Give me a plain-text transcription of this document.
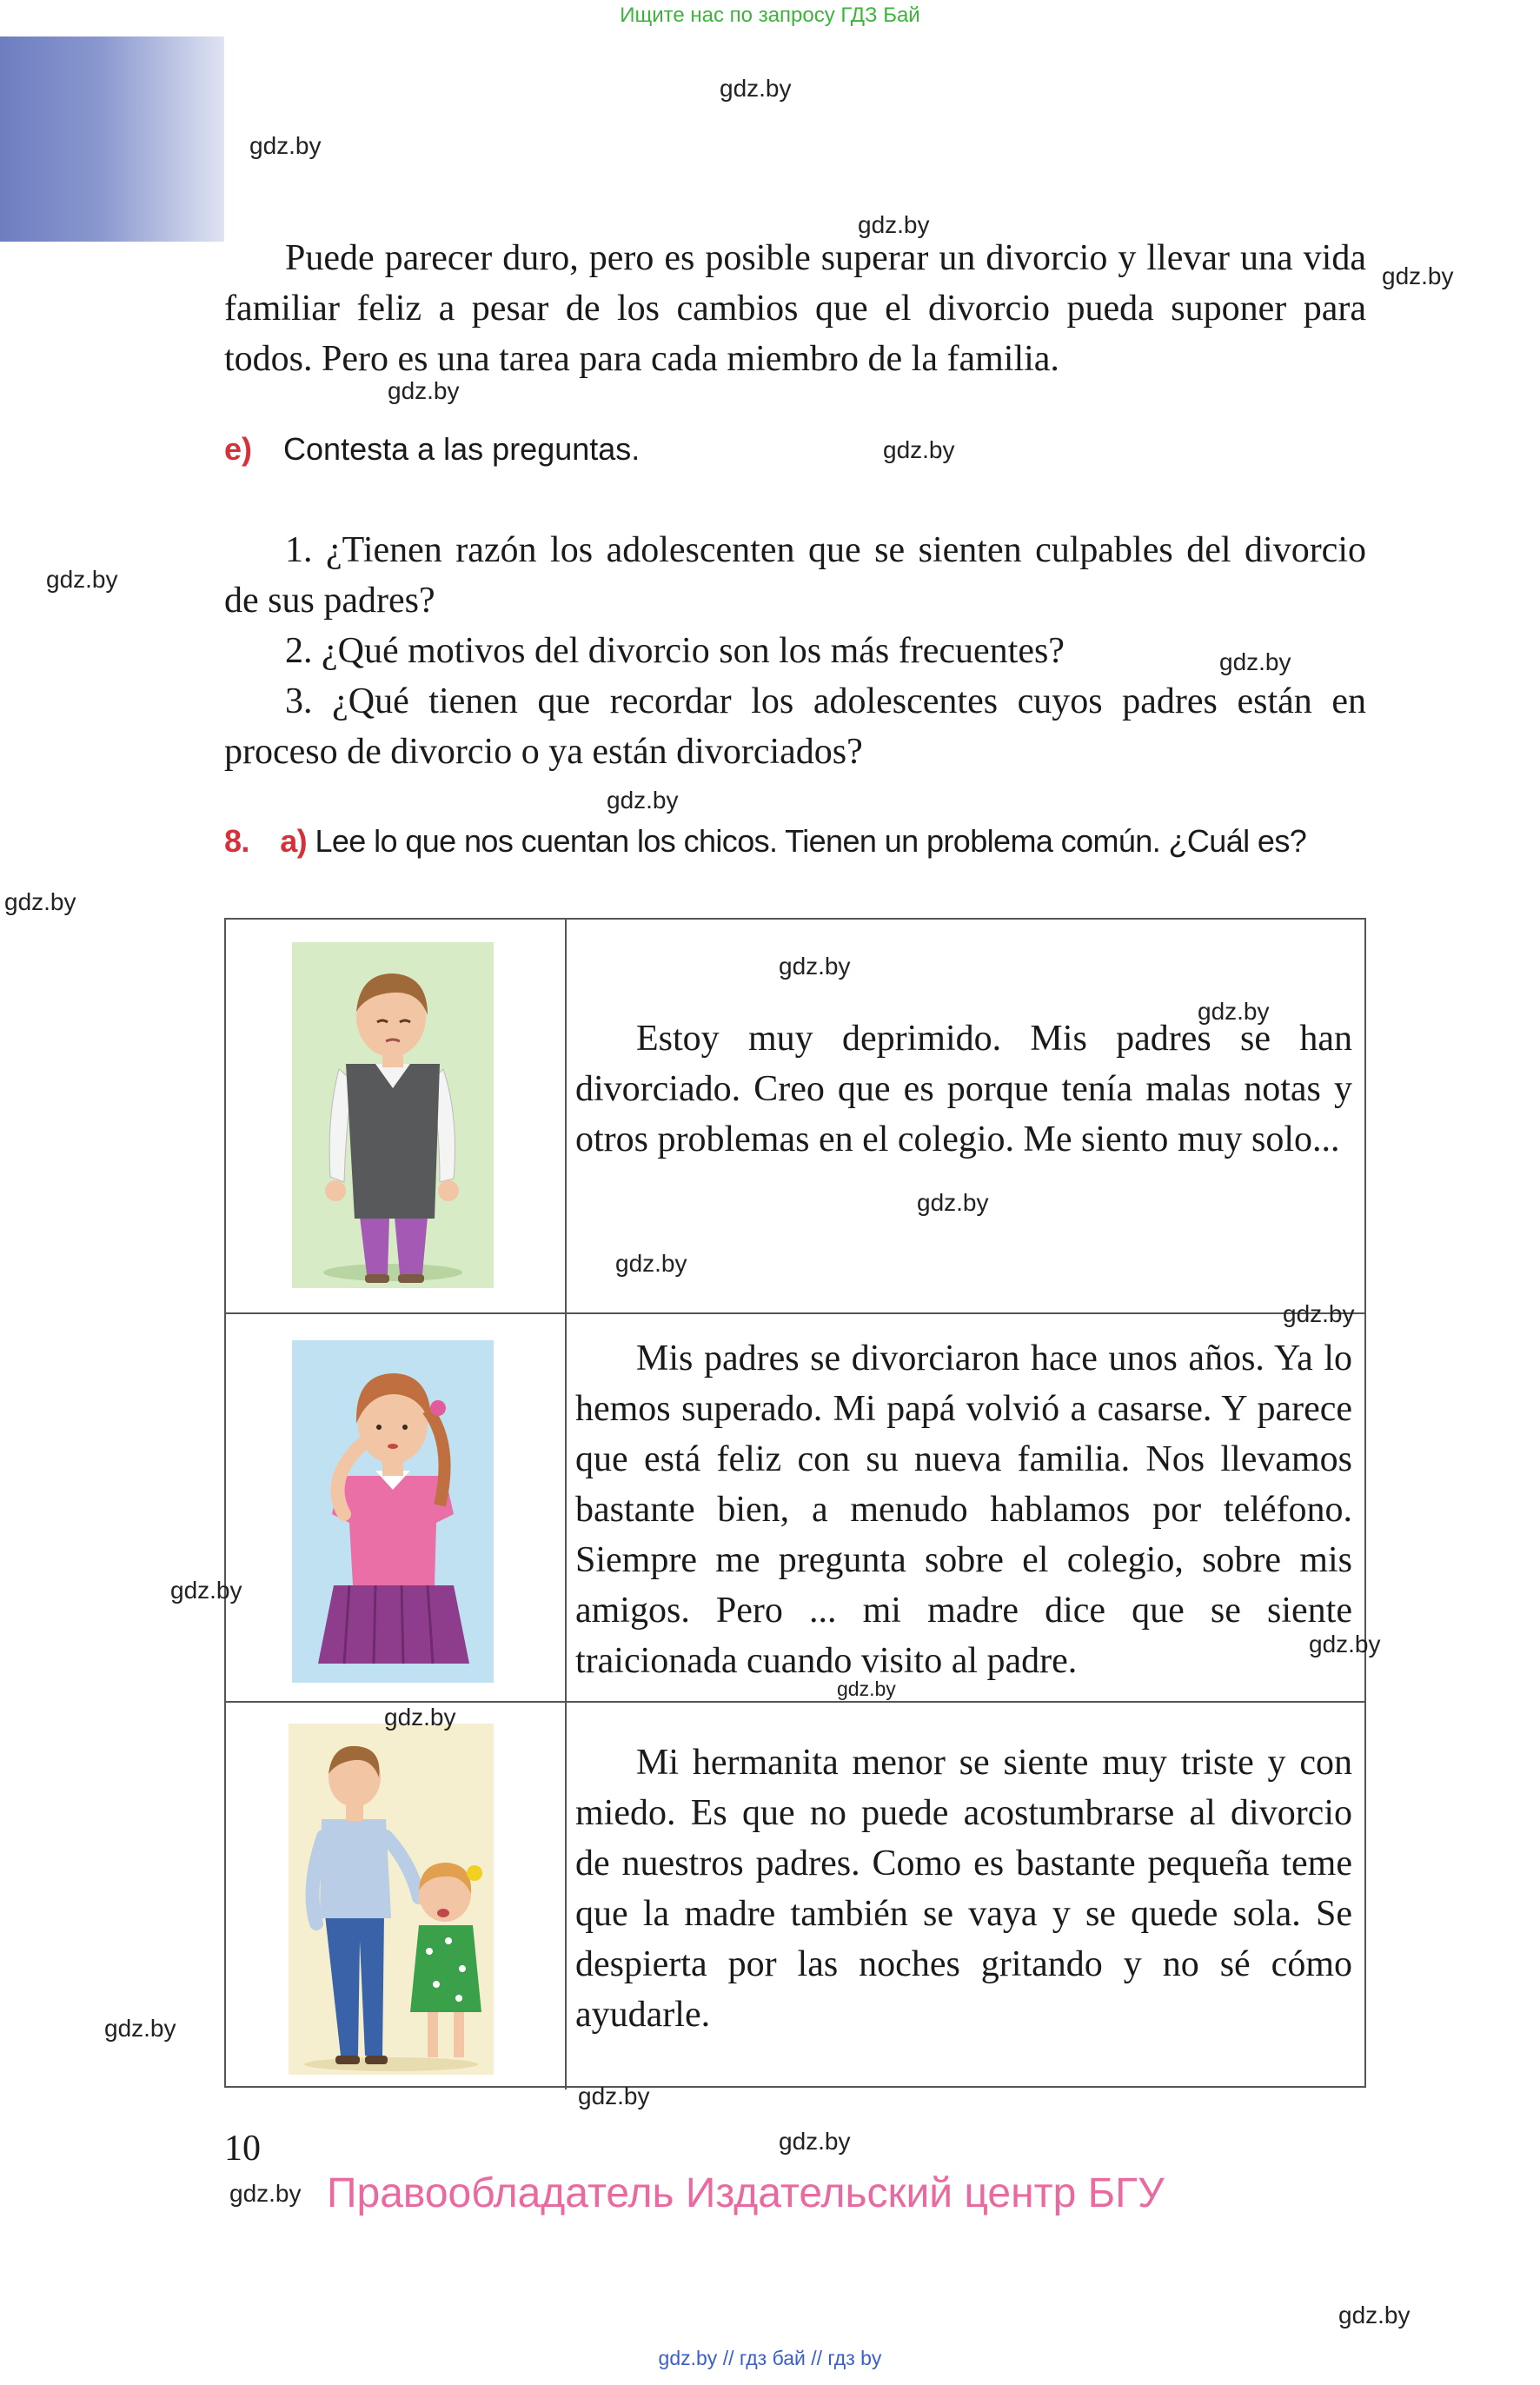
Ищите нас по запросу ГДЗ Бай
gdz.by
gdz.by
gdz.by
gdz.by
gdz.by
gdz.by
gdz.by
gdz.by
gdz.by
gdz.by

Puede parecer duro, pero es posible superar un divorcio y llevar una vida familiar feliz a pesar de los cambios que el divorcio pueda suponer para todos. Pero es una tarea para cada miembro de la familia.

e) Contesta a las preguntas.

1. ¿Tienen razón los adolescenten que se sienten culpables del divorcio de sus padres?

2. ¿Qué motivos del divorcio son los más frecuentes?

3. ¿Qué tienen que recordar los adolescentes cuyos padres están en proceso de divorcio o ya están divorciados?

8. a) Lee lo que nos cuentan los chicos. Tienen un problema común. ¿Cuál es?

Estoy muy deprimido. Mis padres se han divorciado. Creo que es porque tenía malas notas y otros problemas en el colegio. Me siento muy solo...

Mis padres se divorciaron hace unos años. Ya lo hemos superado. Mi papá volvió a casarse. Y parece que está feliz con su nueva familia. Nos llevamos bastante bien, a menudo hablamos por teléfono. Siempre me pregunta sobre el colegio, sobre mis amigos. Pero ... mi madre dice que se siente traicionada cuando visito al padre.

Mi hermanita menor se siente muy triste y con miedo. Es que no puede acostumbrarse al divorcio de nuestros padres. Como es bastante pequeña teme que la madre también se vaya y se quede sola. Se despierta por las noches gritando y no sé cómo ayudarle.

gdz.by
gdz.by
gdz.by
gdz.by
gdz.by
gdz.by
gdz.by
gdz.by
gdz.by
gdz.by
gdz.by
gdz.by
gdz.by
gdz.by
10
Правообладатель Издательский центр БГУ
gdz.by // гдз бай // гдз by
